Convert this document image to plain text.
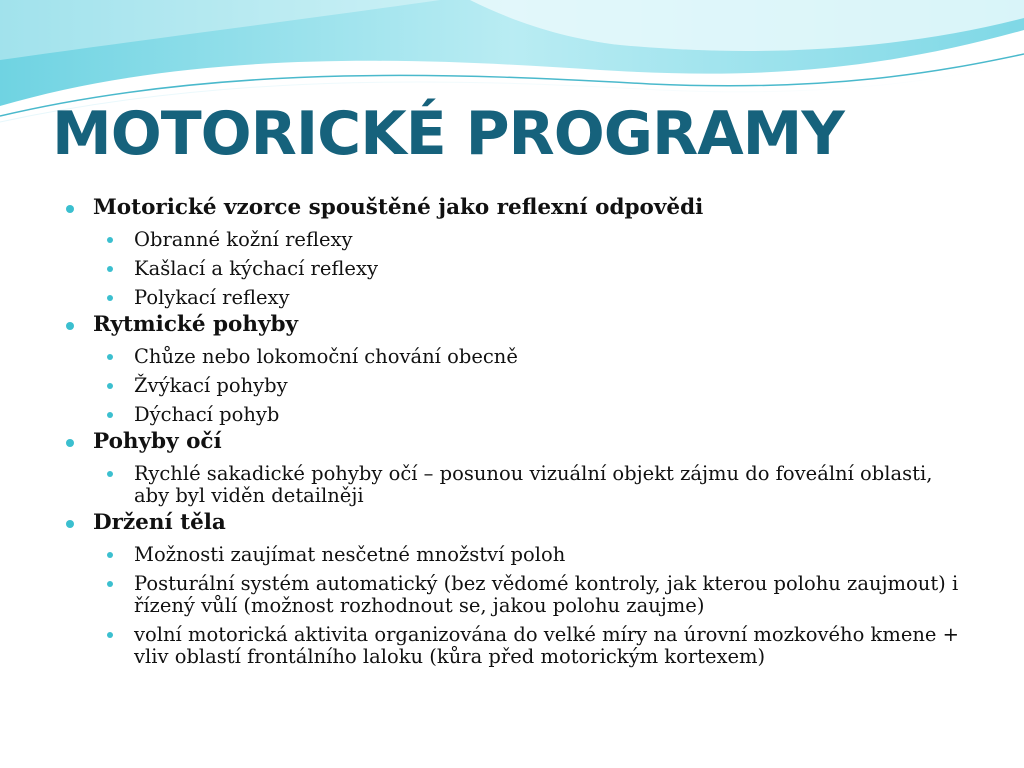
MOTORICKÉ PROGRAMY
Motorické vzorce spouštěné jako reflexní odpovědi
Obranné kožní reflexy
Kašlací a kýchací reflexy
Polykací reflexy
Rytmické pohyby
Chůze nebo lokomoční chování obecně
Žvýkací pohyby
Dýchací pohyb
Pohyby očí
Rychlé sakadické pohyby očí – posunou vizuální objekt zájmu do foveální oblasti, aby byl viděn detailněji
Držení těla
Možnosti zaujímat nesčetné množství poloh
Posturální systém automatický (bez vědomé kontroly, jak kterou polohu zaujmout) i řízený vůlí (možnost rozhodnout se, jakou polohu zaujme)
volní motorická aktivita organizována do velké míry na úrovní mozkového kmene + vliv oblastí frontálního laloku (kůra před motorickým kortexem)
